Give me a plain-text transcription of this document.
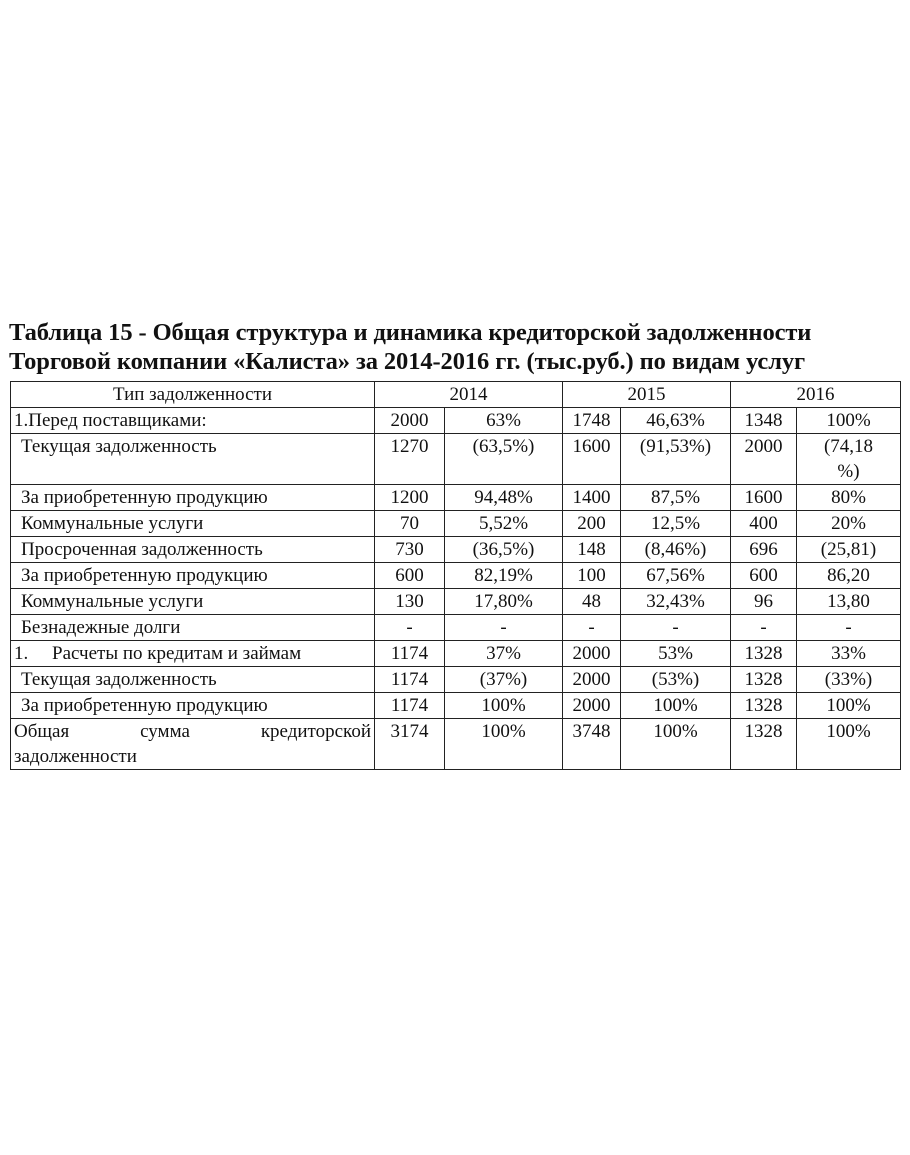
Таблица 15 - Общая структура и динамика кредиторской задолженности
Торговой компании «Калиста» за 2014-2016 гг. (тыс.руб.) по видам услуг
Тип задолженности	2014		2015		2016	
1.Перед поставщиками:	2000	63%	1748	46,63%	1348	100%
Текущая задолженность	1270	(63,5%)	1600	(91,53%)	2000	(74,18 %)
За приобретенную продукцию	1200	94,48%	1400	87,5%	1600	80%
Коммунальные услуги	70	5,52%	200	12,5%	400	20%
Просроченная задолженность	730	(36,5%)	148	(8,46%)	696	(25,81)
За приобретенную продукцию	600	82,19%	100	67,56%	600	86,20
Коммунальные услуги	130	17,80%	48	32,43%	96	13,80
Безнадежные долги	-	-	-	-	-	-
1. Расчеты по кредитам и займам	1174	37%	2000	53%	1328	33%
Текущая задолженность	1174	(37%)	2000	(53%)	1328	(33%)
За приобретенную продукцию	1174	100%	2000	100%	1328	100%

Общая сумма кредиторской
задолженности	3174	100%	3748	100%	1328	100%
